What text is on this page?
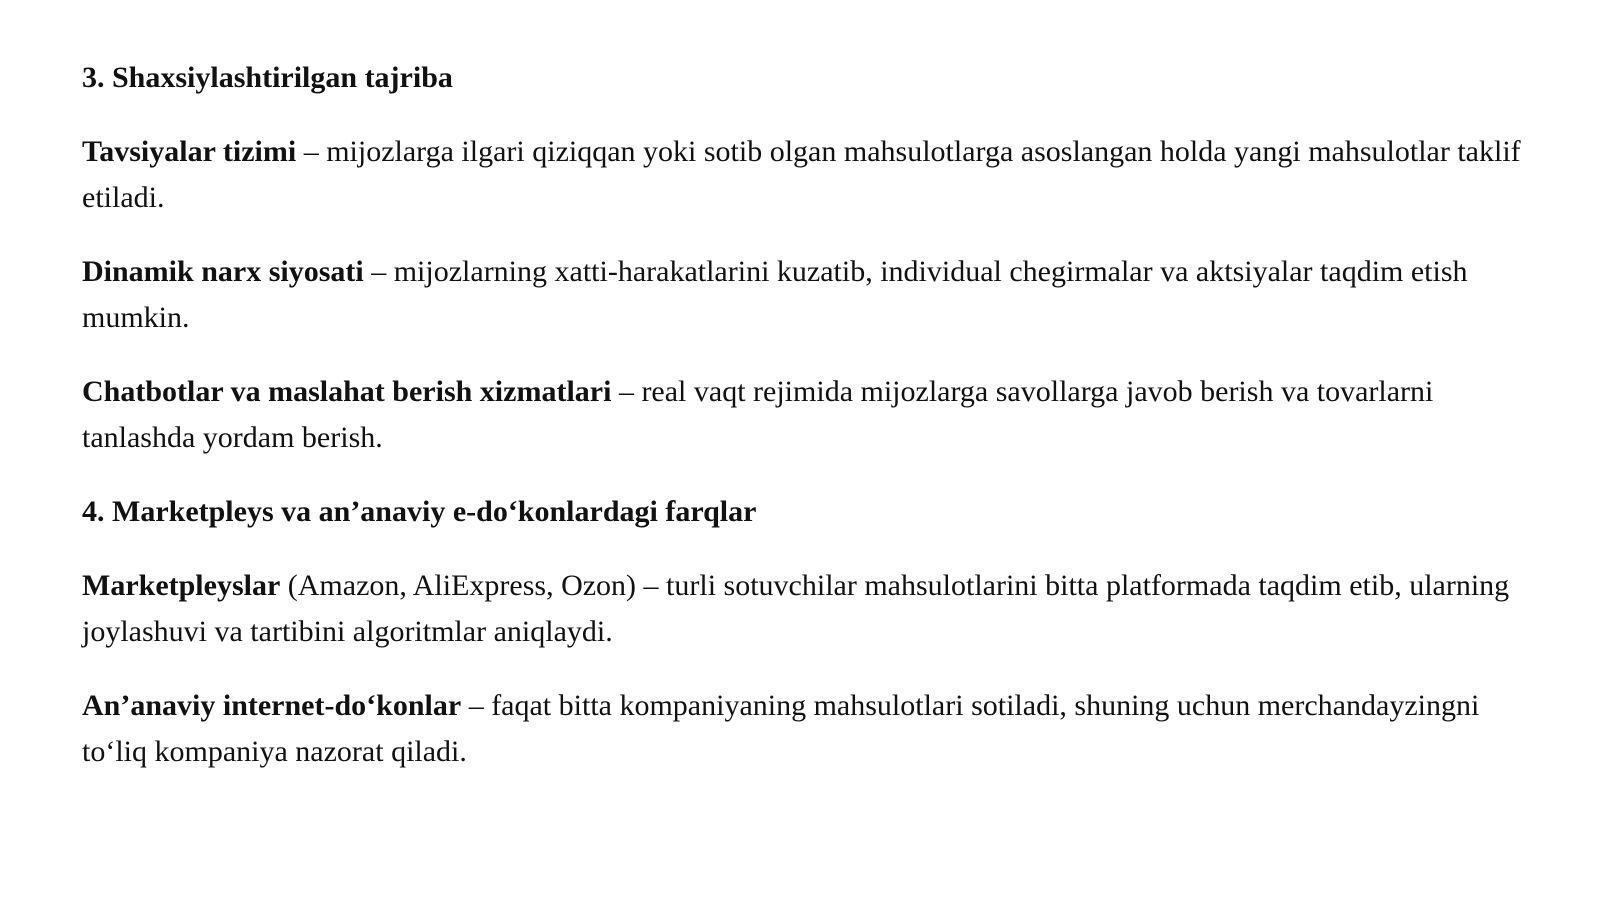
3. Shaxsiylashtirilgan tajriba

Tavsiyalar tizimi – mijozlarga ilgari qiziqqan yoki sotib olgan mahsulotlarga asoslangan holda yangi mahsulotlar taklif etiladi.

Dinamik narx siyosati – mijozlarning xatti-harakatlarini kuzatib, individual chegirmalar va aktsiyalar taqdim etish mumkin.

Chatbotlar va maslahat berish xizmatlari – real vaqt rejimida mijozlarga savollarga javob berish va tovarlarni tanlashda yordam berish.

4. Marketpleys va an’anaviy e-do‘konlardagi farqlar

Marketpleyslar (Amazon, AliExpress, Ozon) – turli sotuvchilar mahsulotlarini bitta platformada taqdim etib, ularning joylashuvi va tartibini algoritmlar aniqlaydi.

An’anaviy internet-do‘konlar – faqat bitta kompaniyaning mahsulotlari sotiladi, shuning uchun merchandayzingni to‘liq kompaniya nazorat qiladi.
